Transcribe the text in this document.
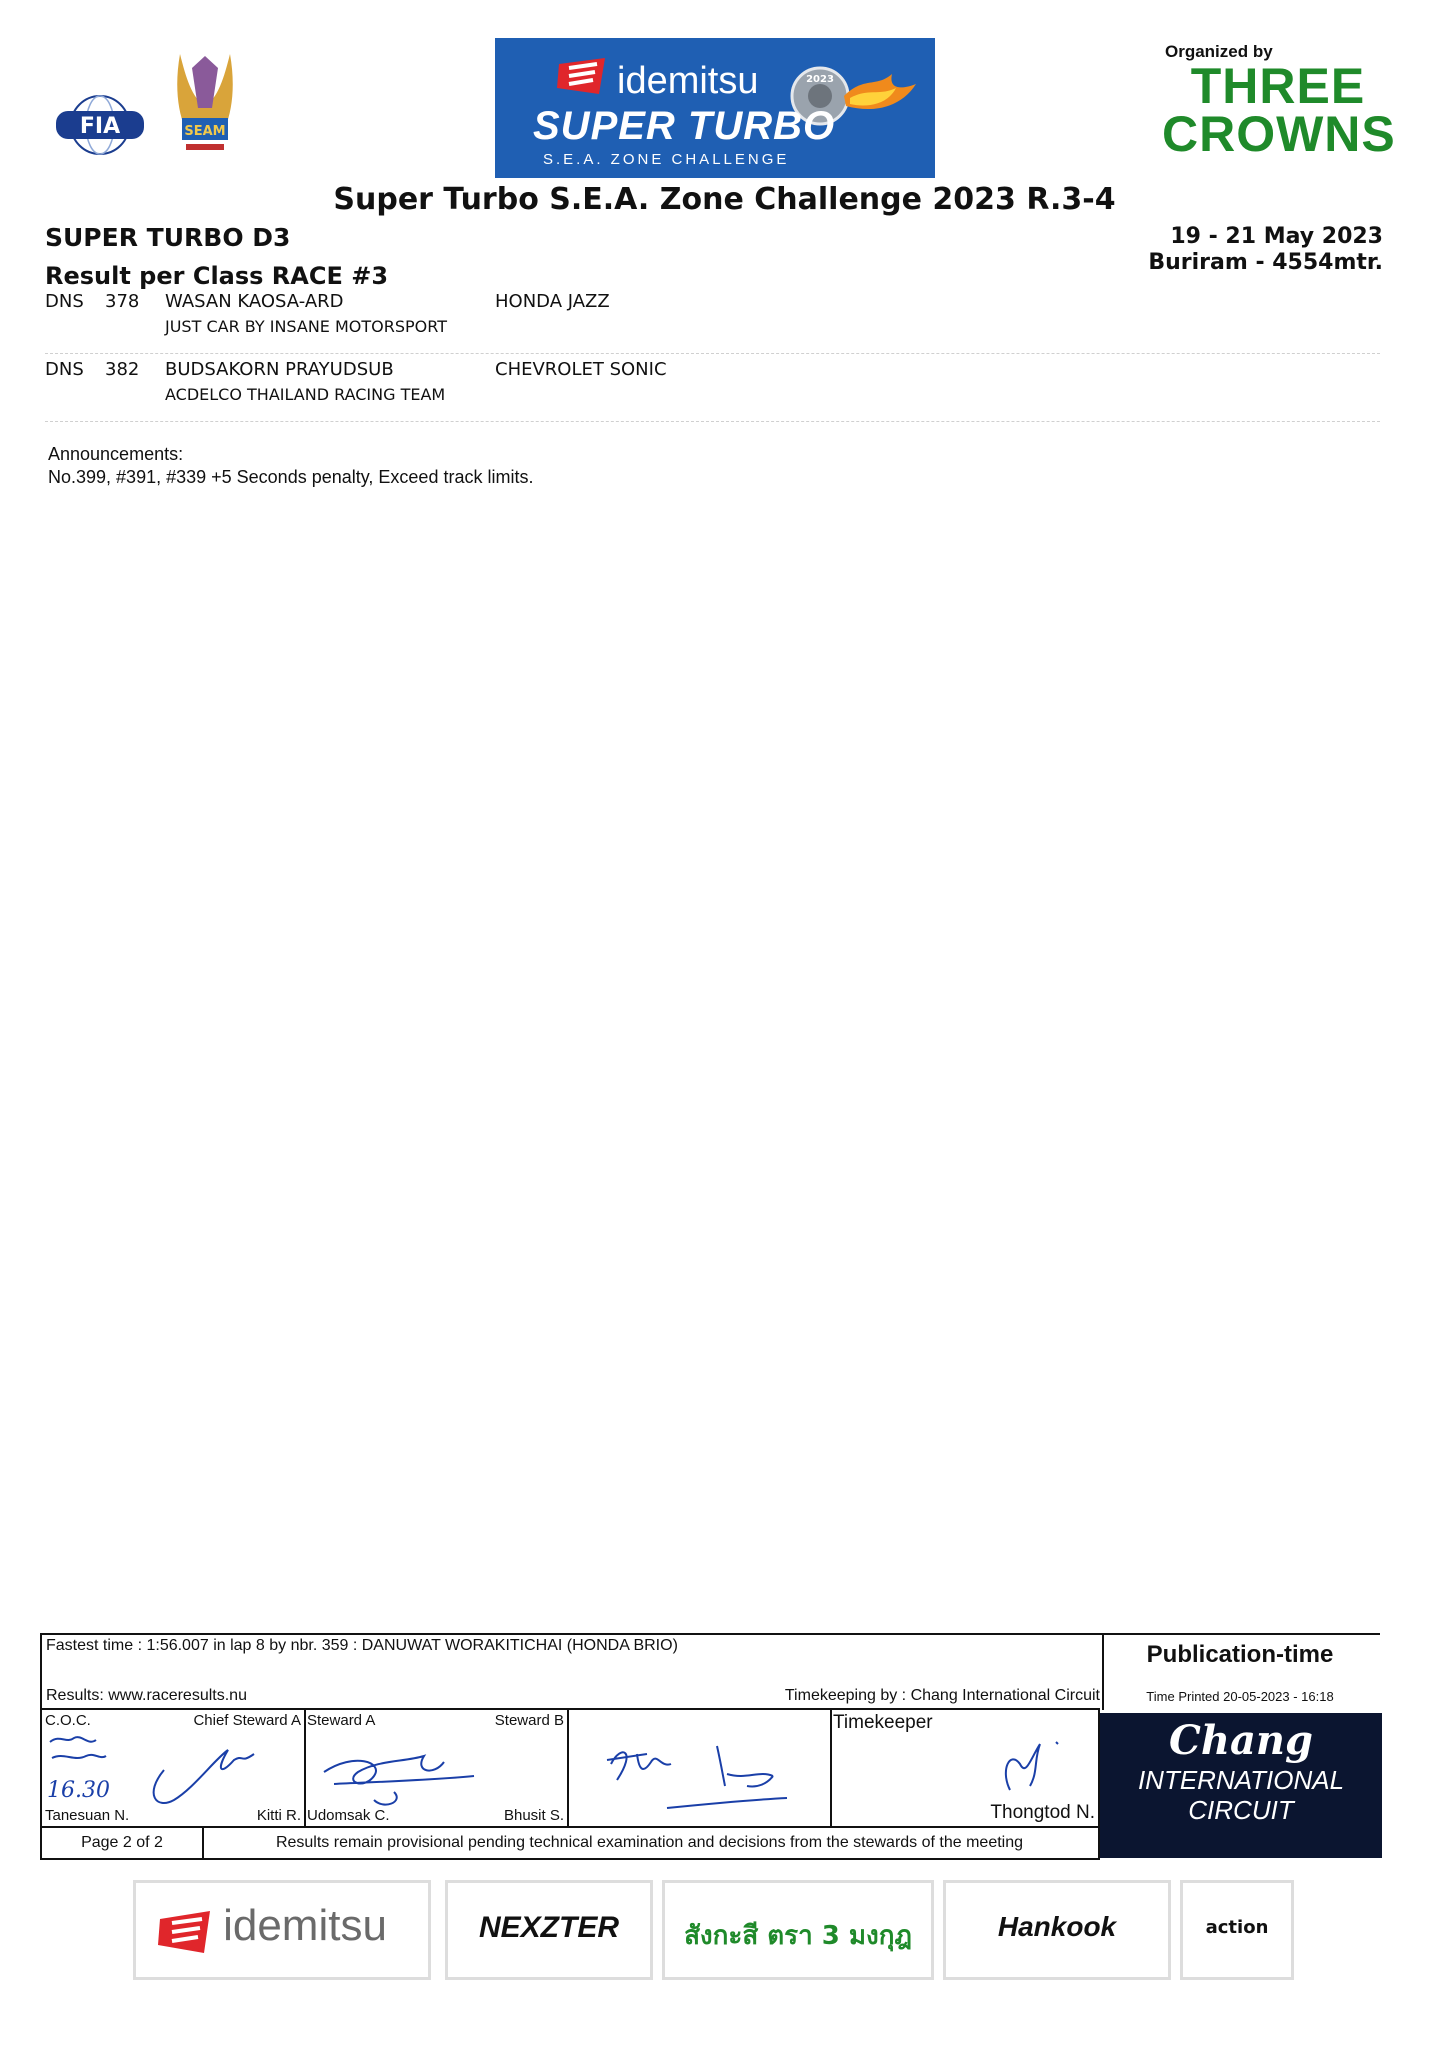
FIA	SEAM
idemitsu	2023
SUPER TURBO
S.E.A. ZONE CHALLENGE
Organized by
THREE CROWNS
Super Turbo S.E.A. Zone Challenge 2023 R.3-4
SUPER TURBO D3	19 - 21 May 2023
Buriram - 4554mtr.
Result per Class RACE #3
DNS 378 WASAN KAOSA-ARD	HONDA JAZZ
JUST CAR BY INSANE MOTORSPORT
DNS 382 BUDSAKORN PRAYUDSUB	CHEVROLET SONIC
ACDELCO THAILAND RACING TEAM
Announcements:
No.399, #391, #339 +5 Seconds penalty, Exceed track limits.
Fastest time : 1:56.007 in lap 8 by nbr. 359 : DANUWAT WORAKITICHAI (HONDA BRIO)
Results: www.raceresults.nu	Timekeeping by : Chang International Circuit
Publication-time
Time Printed 20-05-2023 - 16:18
C.O.C.	Chief Steward A
Tanesuan N.	Kitti R.
16.30
Steward A	Steward B
Udomsak C.	Bhusit S.
Timekeeper
Thongtod N.
Chang
INTERNATIONAL
CIRCUIT
Page 2 of 2	Results remain provisional pending technical examination and decisions from the stewards of the meeting
idemitsu	NEXZTER	สังกะสี ตรา 3 มงกุฎ	Hankook	action
